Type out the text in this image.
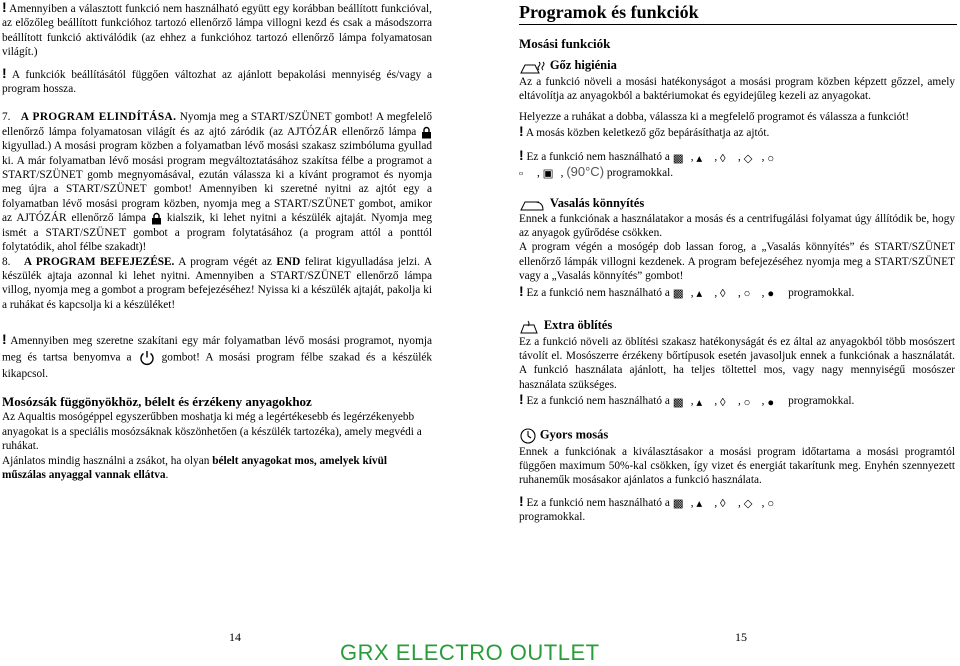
! Amennyiben a választott funkció nem használható együtt egy korábban beállított funkcióval, az előzőleg beállított funkcióhoz tartozó ellenőrző lámpa villogni kezd és csak a másodszorra beállított funkció aktiválódik (az ehhez a funkcióhoz tartozó ellenőrző lámpa folyamatosan világít.)

! A funkciók beállításától függően változhat az ajánlott bepakolási mennyiség és/vagy a program hossza.

7. A PROGRAM ELINDÍTÁSA. Nyomja meg a START/SZÜNET gombot! A megfelelő ellenőrző lámpa folyamatosan világít és az ajtó záródik (az AJTÓZÁR ellenőrző lámpa  kigyullad.) A mosási program közben a folyamatban lévő mosási szakasz szimbóluma gyullad ki. A már folyamatban lévő mosási program megváltoztatásához szakítsa félbe a programot a START/SZÜNET gomb megnyomásával, ezután válassza ki a kívánt programot és nyomja meg újra a START/SZÜNET gombot! Amennyiben ki szeretné nyitni az ajtót egy a folyamatban lévő mosási program közben, nyomja meg a START/SZÜNET gombot, amikor az AJTÓZÁR ellenőrző lámpa kialszik, ki lehet nyitni a készülék ajtaját. Nyomja meg ismét a START/SZÜNET gombot a program folytatásához (a program attól a ponttól folytatódik, ahol félbe szakadt)!

8. A PROGRAM BEFEJEZÉSE. A program végét az END felirat kigyulladása jelzi. A készülék ajtaja azonnal ki lehet nyitni. Amennyiben a START/SZÜNET ellenőrző lámpa villog, nyomja meg a gombot a program befejezéséhez! Nyissa ki a készülék ajtaját, pakolja ki a ruhákat és kapcsolja ki a készüléket!

! Amennyiben meg szeretne szakítani egy már folyamatban lévő mosási programot, nyomja meg és tartsa benyomva a	gombot! A mosási program félbe szakad és a készülék kikapcsol.

Mosózsák függönyökhöz, bélelt és érzékeny anyagokhoz

Az Aqualtis mosógéppel egyszerűbben moshatja ki még a legértékesebb és legérzékenyebb anyagokat is a speciális mosózsáknak köszönhetően (a készülék tartozéka), amely megvédi a ruhákat.

Ajánlatos mindig használni a zsákot, ha olyan bélelt anyagokat mos, amelyek kívül műszálas anyaggal vannak ellátva.

Programok és funkciók

Mosási funkciók

Gőz higiénia

Az a funkció növeli a mosási hatékonyságot a mosási program közben képzett gőzzel, amely eltávolítja az anyagokból a baktériumokat és egyidejűleg kezeli az anyagokat.

Helyezze a ruhákat a dobba, válassza ki a megfelelő programot és válassza a funkciót!

! A mosás közben keletkező gőz bepárásíthatja az ajtót.

! Ez a funkció nem használható a ▩ , ▴ , ◊ , ◇ , ○
▫ , ▣ , (90°C) programokkal.

Vasalás könnyítés

Ennek a funkciónak a használatakor a mosás és a centrifugálási folyamat úgy állítódik be, hogy az anyagok gyűrődése csökken.

A program végén a mosógép dob lassan forog, a „Vasalás könnyítés” és START/SZÜNET ellenőrző lámpák villogni kezdenek. A program befejezéséhez nyomja meg a START/SZÜNET vagy a „Vasalás könnyítés” gombot!

! Ez a funkció nem használható a ▩ , ▴ , ◊ , ○ , ● programokkal.

Extra öblítés

Ez a funkció növeli az öblítési szakasz hatékonyságát és ez által az anyagokból több mosószert távolít el. Mosószerre érzékeny bőrtípusok esetén javasoljuk ennek a funkciónak a használatát. A funkció használata ajánlott, ha teljes töltettel mos, vagy nagy mennyiségű mosószer használata szükséges.

! Ez a funkció nem használható a ▩ , ▴ , ◊ , ○ , ● programokkal.

Gyors mosás

Ennek a funkciónak a kiválasztásakor a mosási program időtartama a mosási programtól függően maximum 50%-kal csökken, így vizet és energiát takarítunk meg. Enyhén szennyezett ruhaneműk mosásakor ajánlatos a funkció használata.

! Ez a funkció nem használható a ▩ , ▴ , ◊ , ◇ , ○
programokkal.

14	15
GRX ELECTRO OUTLET
